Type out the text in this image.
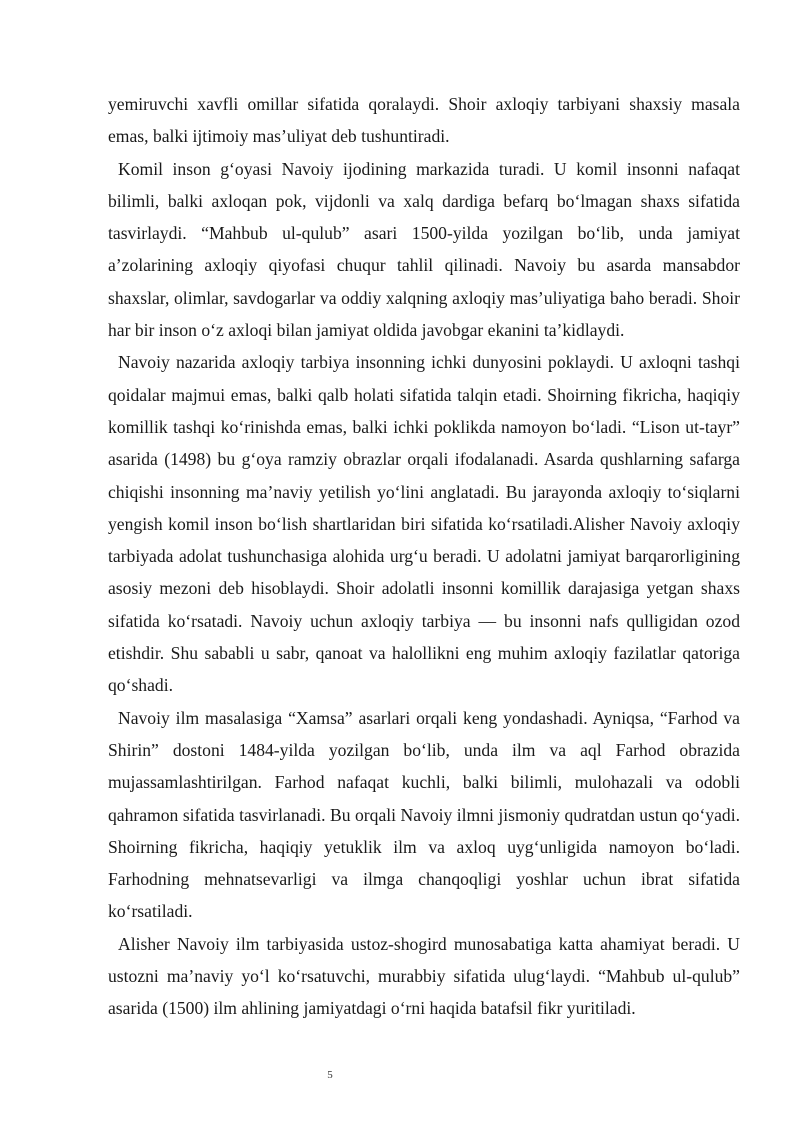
yemiruvchi xavfli omillar sifatida qoralaydi. Shoir axloqiy tarbiyani shaxsiy masala emas, balki ijtimoiy mas’uliyat deb tushuntiradi.

Komil inson g‘oyasi Navoiy ijodining markazida turadi. U komil insonni nafaqat bilimli, balki axloqan pok, vijdonli va xalq dardiga befarq bo‘lmagan shaxs sifatida tasvirlaydi. “Mahbub ul-qulub” asari 1500-yilda yozilgan bo‘lib, unda jamiyat a’zolarining axloqiy qiyofasi chuqur tahlil qilinadi. Navoiy bu asarda mansabdor shaxslar, olimlar, savdogarlar va oddiy xalqning axloqiy mas’uliyatiga baho beradi. Shoir har bir inson o‘z axloqi bilan jamiyat oldida javobgar ekanini ta’kidlaydi.

Navoiy nazarida axloqiy tarbiya insonning ichki dunyosini poklaydi. U axloqni tashqi qoidalar majmui emas, balki qalb holati sifatida talqin etadi. Shoirning fikricha, haqiqiy komillik tashqi ko‘rinishda emas, balki ichki poklikda namoyon bo‘ladi. “Lison ut-tayr” asarida (1498) bu g‘oya ramziy obrazlar orqali ifodalanadi. Asarda qushlarning safarga chiqishi insonning ma’naviy yetilish yo‘lini anglatadi. Bu jarayonda axloqiy to‘siqlarni yengish komil inson bo‘lish shartlaridan biri sifatida ko‘rsatiladi.Alisher Navoiy axloqiy tarbiyada adolat tushunchasiga alohida urg‘u beradi. U adolatni jamiyat barqarorligining asosiy mezoni deb hisoblaydi. Shoir adolatli insonni komillik darajasiga yetgan shaxs sifatida ko‘rsatadi. Navoiy uchun axloqiy tarbiya — bu insonni nafs qulligidan ozod etishdir. Shu sababli u sabr, qanoat va halollikni eng muhim axloqiy fazilatlar qatoriga qo‘shadi.

Navoiy ilm masalasiga “Xamsa” asarlari orqali keng yondashadi. Ayniqsa, “Farhod va Shirin” dostoni 1484-yilda yozilgan bo‘lib, unda ilm va aql Farhod obrazida mujassamlashtirilgan. Farhod nafaqat kuchli, balki bilimli, mulohazali va odobli qahramon sifatida tasvirlanadi. Bu orqali Navoiy ilmni jismoniy qudratdan ustun qo‘yadi. Shoirning fikricha, haqiqiy yetuklik ilm va axloq uyg‘unligida namoyon bo‘ladi. Farhodning mehnatsevarligi va ilmga chanqoqligi yoshlar uchun ibrat sifatida ko‘rsatiladi.

Alisher Navoiy ilm tarbiyasida ustoz-shogird munosabatiga katta ahamiyat beradi. U ustozni ma’naviy yo‘l ko‘rsatuvchi, murabbiy sifatida ulug‘laydi. “Mahbub ul-qulub” asarida (1500) ilm ahlining jamiyatdagi o‘rni haqida batafsil fikr yuritiladi.

5
